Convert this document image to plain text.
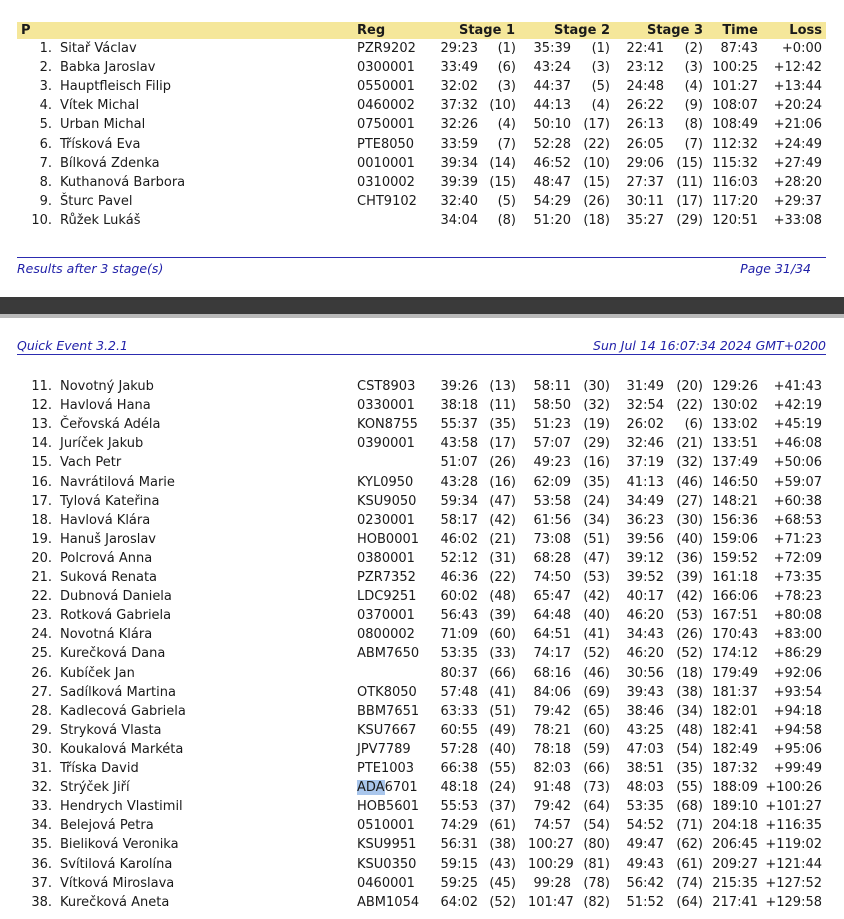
P	Reg	Stage 1	Stage 2	Stage 3	Time	Loss
1. Sitař Václav	PZR9202	29:23	(1)	35:39	(1)	22:41	(2)	87:43	+0:00
2. Babka Jaroslav	0300001	33:49	(6)	43:24	(3)	23:12	(3) 100:25	+12:42
3. Hauptfleisch Filip	0550001	32:02	(3)	44:37	(5)	24:48	(4) 101:27	+13:44
4. Vítek Michal	0460002	37:32 (10)	44:13	(4)	26:22	(9) 108:07	+20:24
5. Urban Michal	0750001	32:26	(4)	50:10 (17)	26:13	(8) 108:49	+21:06
6. Třísková Eva	PTE8050	33:59	(7)	52:28 (22)	26:05	(7) 112:32	+24:49
7. Bílková Zdenka	0010001	39:34 (14)	46:52 (10)	29:06 (15) 115:32	+27:49
8. Kuthanová Barbora	0310002	39:39 (15)	48:47 (15)	27:37 (11) 116:03	+28:20
9. Šturc Pavel	CHT9102	32:40	(5)	54:29 (26)	30:11 (17) 117:20	+29:37
10. Růžek Lukáš	34:04	(8)	51:20 (18)	35:27 (29) 120:51	+33:08
Results after 3 stage(s)	Page 31/34
Quick Event 3.2.1	Sun Jul 14 16:07:34 2024 GMT+0200
11. Novotný Jakub	CST8903	39:26 (13)	58:11 (30)	31:49 (20) 129:26	+41:43
12. Havlová Hana	0330001	38:18 (11)	58:50 (32)	32:54 (22) 130:02	+42:19
13. Čeřovská Adéla	KON8755	55:37 (35)	51:23 (19)	26:02	(6) 133:02	+45:19
14. Juríček Jakub	0390001	43:58 (17)	57:07 (29)	32:46 (21) 133:51	+46:08
15. Vach Petr	51:07 (26)	49:23 (16)	37:19 (32) 137:49	+50:06
16. Navrátilová Marie	KYL0950	43:28 (16)	62:09 (35)	41:13 (46) 146:50	+59:07
17. Tylová Kateřina	KSU9050	59:34 (47)	53:58 (24)	34:49 (27) 148:21	+60:38
18. Havlová Klára	0230001	58:17 (42)	61:56 (34)	36:23 (30) 156:36	+68:53
19. Hanuš Jaroslav	HOB0001	46:02 (21)	73:08 (51)	39:56 (40) 159:06	+71:23
20. Polcrová Anna	0380001	52:12 (31)	68:28 (47)	39:12 (36) 159:52	+72:09
21. Suková Renata	PZR7352	46:36 (22)	74:50 (53)	39:52 (39) 161:18	+73:35
22. Dubnová Daniela	LDC9251	60:02 (48)	65:47 (42)	40:17 (42) 166:06	+78:23
23. Rotková Gabriela	0370001	56:43 (39)	64:48 (40)	46:20 (53) 167:51	+80:08
24. Novotná Klára	0800002	71:09 (60)	64:51 (41)	34:43 (26) 170:43	+83:00
25. Kurečková Dana	ABM7650	53:35 (33)	74:17 (52)	46:20 (52) 174:12	+86:29
26. Kubíček Jan	80:37 (66)	68:16 (46)	30:56 (18) 179:49	+92:06
27. Sadílková Martina	OTK8050	57:48 (41)	84:06 (69)	39:43 (38) 181:37	+93:54
28. Kadlecová Gabriela	BBM7651	63:33 (51)	79:42 (65)	38:46 (34) 182:01	+94:18
29. Stryková Vlasta	KSU7667	60:55 (49)	78:21 (60)	43:25 (48) 182:41	+94:58
30. Koukalová Markéta	JPV7789	57:28 (40)	78:18 (59)	47:03 (54) 182:49	+95:06
31. Tříska David	PTE1003	66:38 (55)	82:03 (66)	38:51 (35) 187:32	+99:49
32. Strýček Jiří	ADA6701	48:18 (24)	91:48 (73)	48:03 (55) 188:09 +100:26
33. Hendrych Vlastimil	HOB5601	55:53 (37)	79:42 (64)	53:35 (68) 189:10 +101:27
34. Belejová Petra	0510001	74:29 (61)	74:57 (54)	54:52 (71) 204:18 +116:35
35. Bieliková Veronika	KSU9951	56:31 (38) 100:27 (80)	49:47 (62) 206:45 +119:02
36. Svítilová Karolína	KSU0350	59:15 (43) 100:29 (81)	49:43 (61) 209:27 +121:44
37. Vítková Miroslava	0460001	59:25 (45)	99:28 (78)	56:42 (74) 215:35 +127:52
38. Kurečková Aneta	ABM1054	64:02 (52) 101:47 (82)	51:52 (64) 217:41 +129:58
